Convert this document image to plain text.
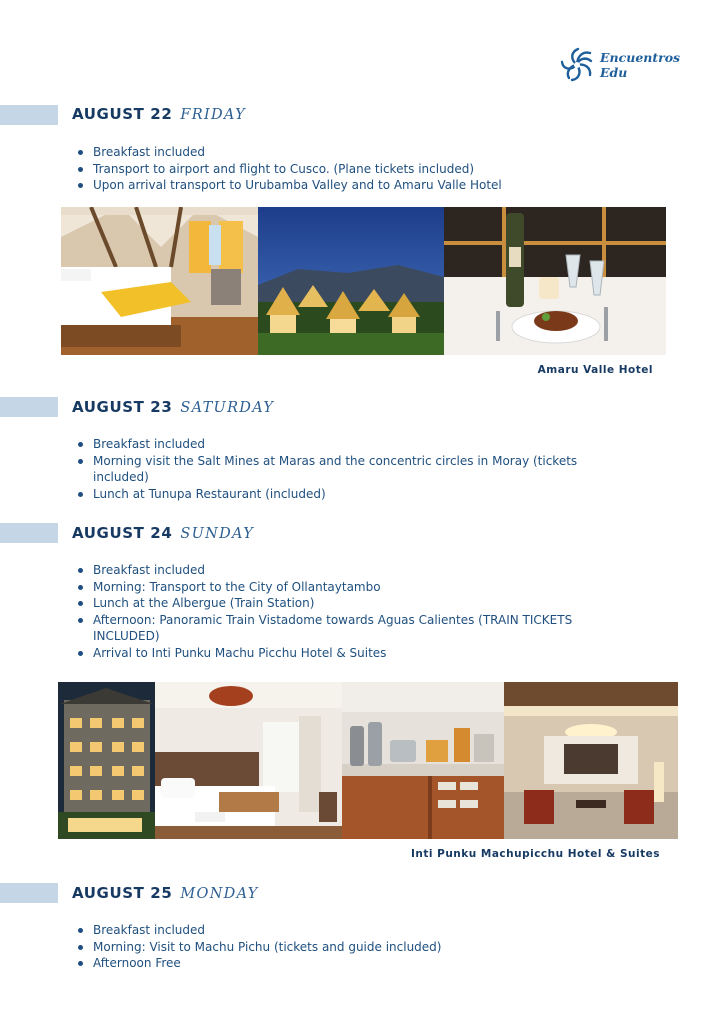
Encuentros
Edu
AUGUST 22 FRIDAY
Breakfast included
Transport to airport and flight to Cusco. (Plane tickets included)
Upon arrival transport to Urubamba Valley and to Amaru Valle Hotel
Amaru Valle Hotel
AUGUST 23 SATURDAY
Breakfast included
Morning visit the Salt Mines at Maras and the concentric circles in Moray (tickets included)
Lunch at Tunupa Restaurant (included)
AUGUST 24 SUNDAY
Breakfast included
Morning: Transport to the City of Ollantaytambo
Lunch at the Albergue (Train Station)
Afternoon: Panoramic Train Vistadome towards Aguas Calientes (TRAIN TICKETS INCLUDED)
Arrival to Inti Punku Machu Picchu Hotel & Suites
Inti Punku Machupicchu Hotel & Suites
AUGUST 25 MONDAY
Breakfast included
Morning: Visit to Machu Pichu (tickets and guide included)
Afternoon Free
